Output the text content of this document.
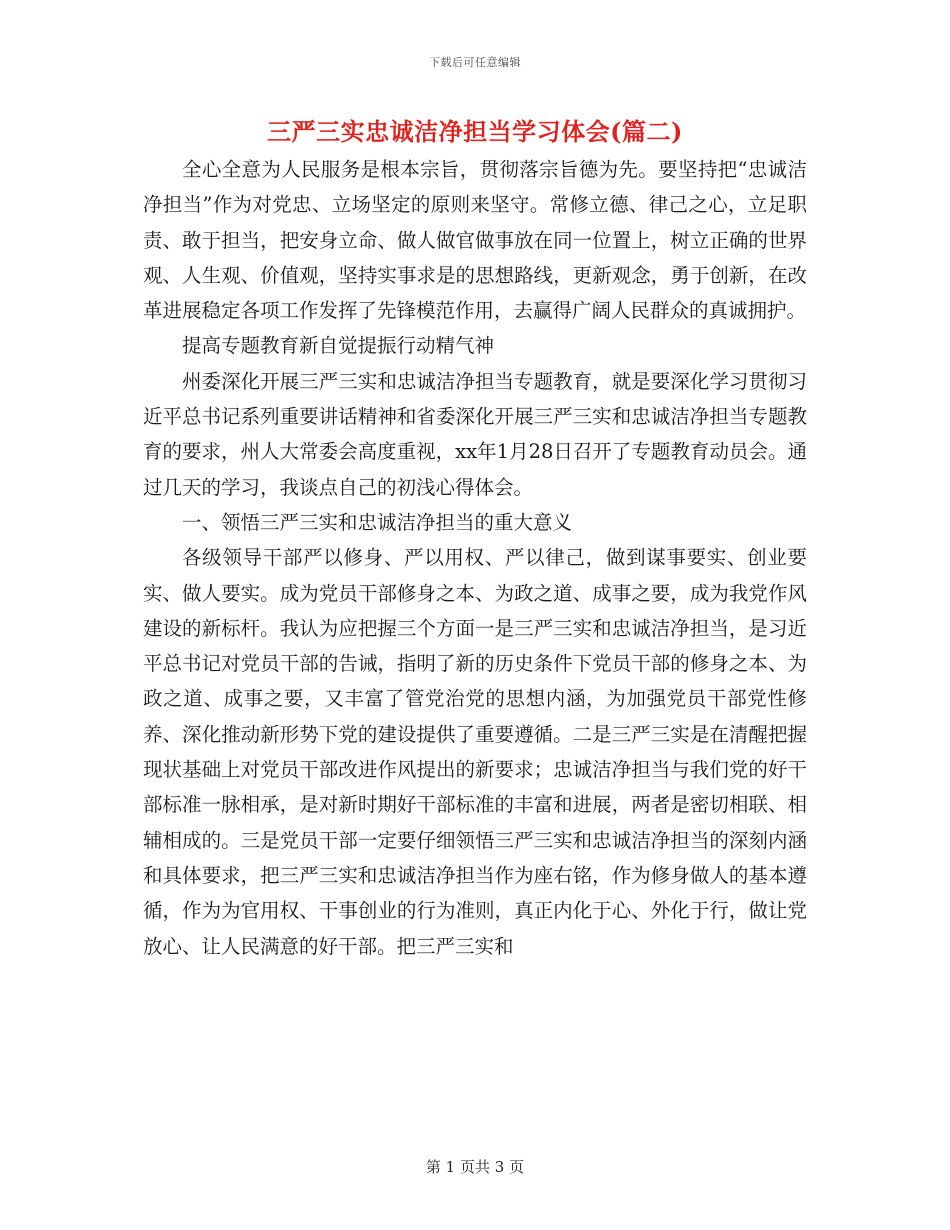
下载后可任意编辑
三严三实忠诚洁净担当学习体会(篇二)

全心全意为人民服务是根本宗旨，贯彻落宗旨德为先。要坚持把“忠诚洁净担当”作为对党忠、立场坚定的原则来坚守。常修立德、律己之心，立足职责、敢于担当，把安身立命、做人做官做事放在同一位置上，树立正确的世界观、人生观、价值观，坚持实事求是的思想路线，更新观念，勇于创新，在改革进展稳定各项工作发挥了先锋模范作用，去赢得广阔人民群众的真诚拥护。

提高专题教育新自觉提振行动精气神

州委深化开展三严三实和忠诚洁净担当专题教育，就是要深化学习贯彻习近平总书记系列重要讲话精神和省委深化开展三严三实和忠诚洁净担当专题教育的要求，州人大常委会高度重视，xx年1月28日召开了专题教育动员会。通过几天的学习，我谈点自己的初浅心得体会。

一、领悟三严三实和忠诚洁净担当的重大意义

各级领导干部严以修身、严以用权、严以律己，做到谋事要实、创业要实、做人要实。成为党员干部修身之本、为政之道、成事之要，成为我党作风建设的新标杆。我认为应把握三个方面一是三严三实和忠诚洁净担当，是习近平总书记对党员干部的告诫，指明了新的历史条件下党员干部的修身之本、为政之道、成事之要，又丰富了管党治党的思想内涵，为加强党员干部党性修养、深化推动新形势下党的建设提供了重要遵循。二是三严三实是在清醒把握现状基础上对党员干部改进作风提出的新要求；忠诚洁净担当与我们党的好干部标准一脉相承，是对新时期好干部标准的丰富和进展，两者是密切相联、相辅相成的。三是党员干部一定要仔细领悟三严三实和忠诚洁净担当的深刻内涵和具体要求，把三严三实和忠诚洁净担当作为座右铭，作为修身做人的基本遵循，作为为官用权、干事创业的行为准则，真正内化于心、外化于行，做让党放心、让人民满意的好干部。把三严三实和

第 1 页共 3 页
